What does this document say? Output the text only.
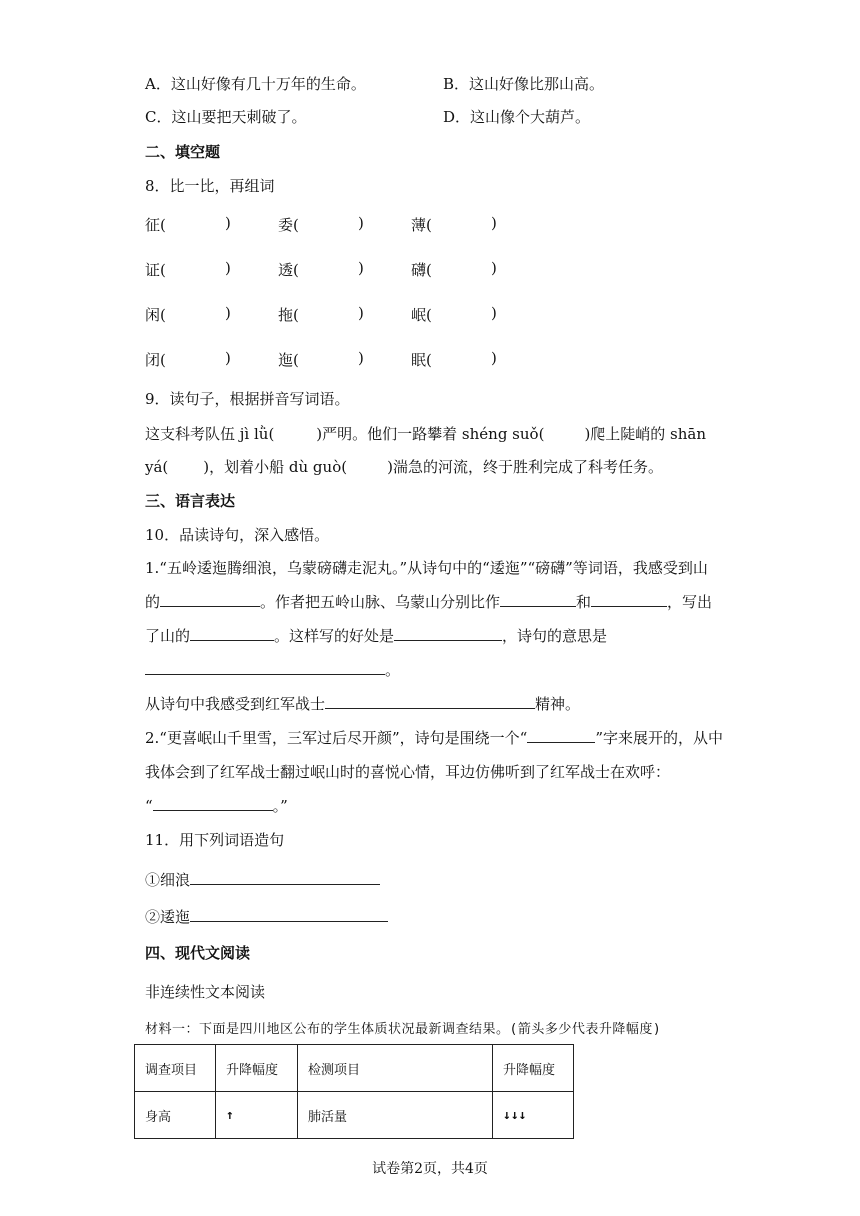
A．这山好像有几十万年的生命。	B．这山好像比那山高。
C．这山要把天刺破了。	D．这山像个大葫芦。
二、填空题
8．比一比，再组词
征(	)	委(	)	薄(	)
证(	)	透(	)	礴(	)
闲(	)	拖(	)	岷(	)
闭(	)	迤(	)	眠(	)
9．读句子，根据拼音写词语。
这支科考队伍 jì lǜ(	)严明。他们一路攀着 shéng suǒ(	)爬上陡峭的 shān
yá( )，划着小船 dù guò(	)湍急的河流，终于胜利完成了科考任务。
三、语言表达
10．品读诗句，深入感悟。
1.“五岭逶迤腾细浪，乌蒙磅礴走泥丸。”从诗句中的“逶迤”“磅礴”等词语，我感受到山
的	。作者把五岭山脉、乌蒙山分别比作	和	，写出
了山的	。这样写的好处是	，诗句的意思是
。
从诗句中我感受到红军战士	精神。
2.“更喜岷山千里雪，三军过后尽开颜”，诗句是围绕一个“	”字来展开的，从中
我体会到了红军战士翻过岷山时的喜悦心情，耳边仿佛听到了红军战士在欢呼：
“	。”
11．用下列词语造句
①细浪
②逶迤
四、现代文阅读
非连续性文本阅读
材料一：下面是四川地区公布的学生体质状况最新调查结果。(箭头多少代表升降幅度)
调查项目	升降幅度	检测项目	升降幅度
身高	↑	肺活量	↓↓↓
试卷第2页，共4页
